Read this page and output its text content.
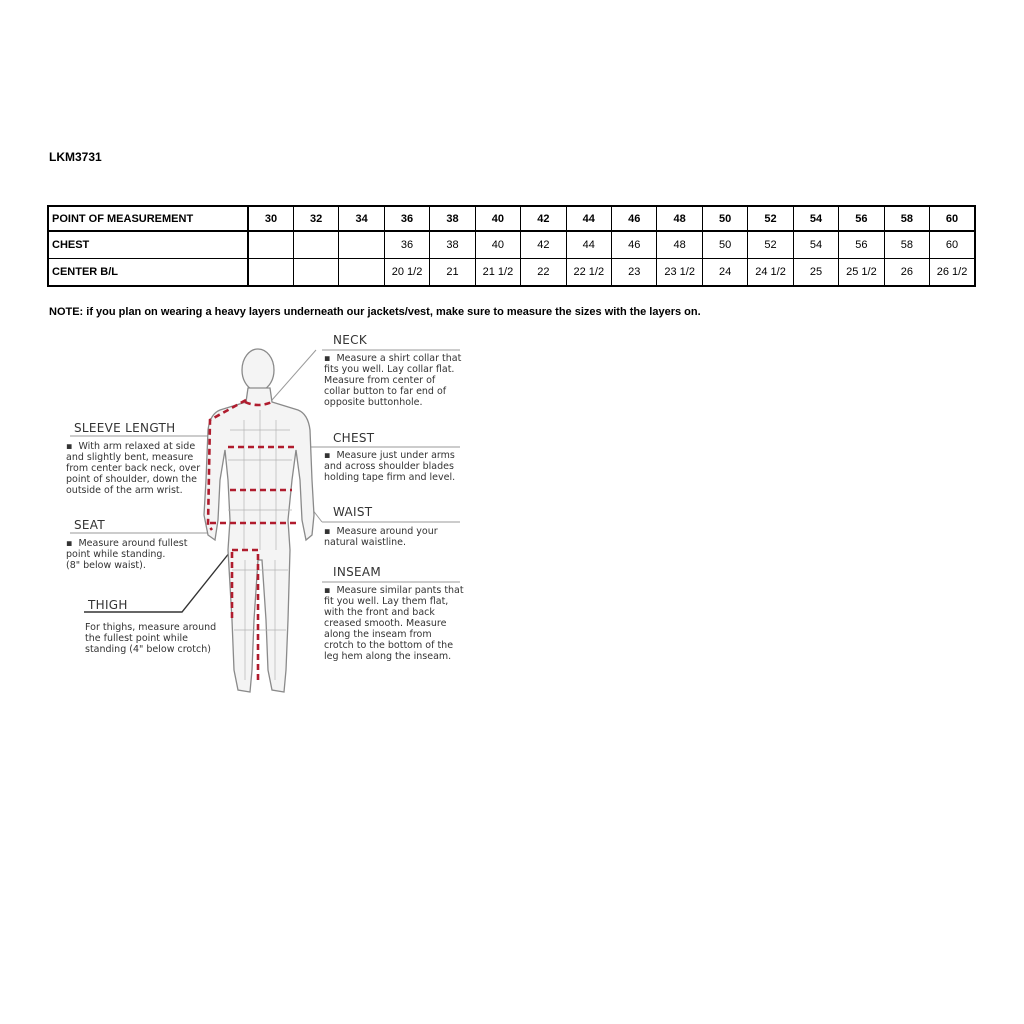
LKM3731
POINT OF MEASUREMENT	30	32	34	36	38	40	42	44	46	48	50	52	54	56	58	60
CHEST				36	38	40	42	44	46	48	50	52	54	56	58	60
CENTER B/L				20 1/2	21	21 1/2	22	22 1/2	23	23 1/2	24	24 1/2	25	25 1/2	26	26 1/2
NOTE: if you plan on wearing a heavy layers underneath our jackets/vest, make sure to measure the sizes with the layers on.
NECK
▪ Measure a shirt collar that
fits you well. Lay collar flat.
Measure from center of
collar button to far end of
opposite buttonhole.
CHEST
▪ Measure just under arms
and across shoulder blades
holding tape firm and level.
WAIST
▪ Measure around your
natural waistline.
INSEAM
▪ Measure similar pants that
fit you well. Lay them flat,
with the front and back
creased smooth. Measure
along the inseam from
crotch to the bottom of the
leg hem along the inseam.
SLEEVE LENGTH
▪ With arm relaxed at side
and slightly bent, measure
from center back neck, over
point of shoulder, down the
outside of the arm wrist.
SEAT
▪ Measure around fullest
point while standing.
(8" below waist).
THIGH
For thighs, measure around
the fullest point while
standing (4" below crotch)
